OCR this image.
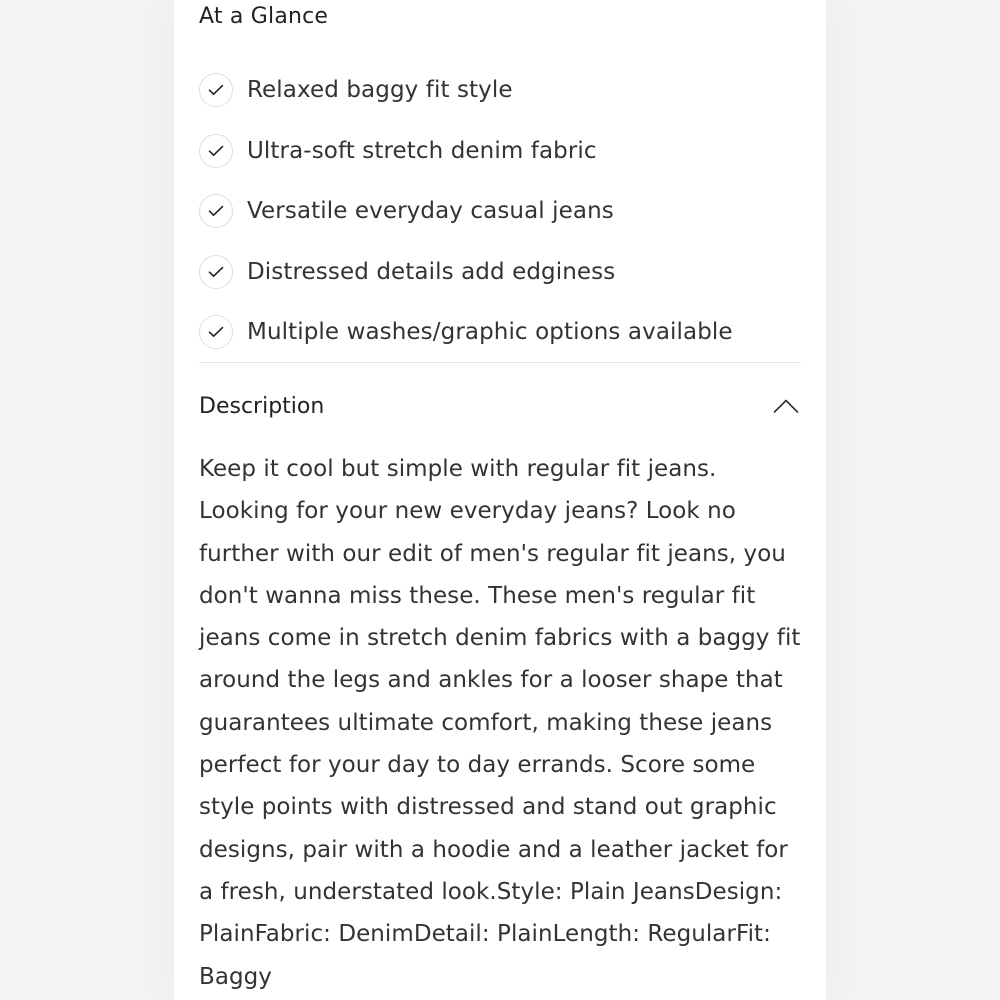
At a Glance
Relaxed baggy fit style
Ultra-soft stretch denim fabric
Versatile everyday casual jeans
Distressed details add edginess
Multiple washes/graphic options available
Description

Keep it cool but simple with regular fit jeans. Looking for your new everyday jeans? Look no further with our edit of men's regular fit jeans, you don't wanna miss these. These men's regular fit jeans come in stretch denim fabrics with a baggy fit around the legs and ankles for a looser shape that guarantees ultimate comfort, making these jeans perfect for your day to day errands. Score some style points with distressed and stand out graphic designs, pair with a hoodie and a leather jacket for a fresh, understated look.Style: Plain JeansDesign: PlainFabric: DenimDetail: PlainLength: RegularFit: Baggy
